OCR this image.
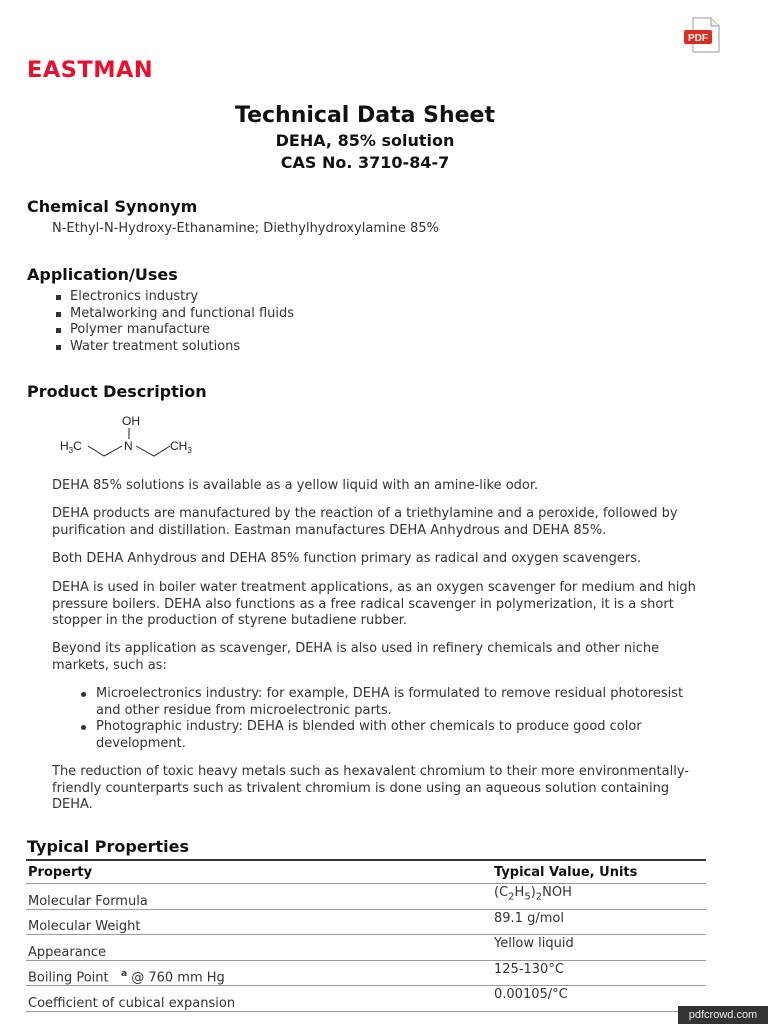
EASTMAN
PDF
Technical Data Sheet
DEHA, 85% solution
CAS No. 3710-84-7
Chemical Synonym

N-Ethyl-N-Hydroxy-Ethanamine; Diethylhydroxylamine 85%

Application/Uses
Electronics industry
Metalworking and functional fluids
Polymer manufacture
Water treatment solutions
Product Description
OH
N
$H_3C$	$CH_3$

DEHA 85% solutions is available as a yellow liquid with an amine-like odor.

DEHA products are manufactured by the reaction of a triethylamine and a peroxide, followed by purification and distillation. Eastman manufactures DEHA Anhydrous and DEHA 85%.

Both DEHA Anhydrous and DEHA 85% function primary as radical and oxygen scavengers.

DEHA is used in boiler water treatment applications, as an oxygen scavenger for medium and high pressure boilers. DEHA also functions as a free radical scavenger in polymerization, it is a short stopper in the production of styrene butadiene rubber.

Beyond its application as scavenger, DEHA is also used in refinery chemicals and other niche markets, such as:

Microelectronics industry: for example, DEHA is formulated to remove residual photoresist and other residue from microelectronic parts.
Photographic industry: DEHA is blended with other chemicals to produce good color development.

The reduction of toxic heavy metals such as hexavalent chromium to their more environmentally-friendly counterparts such as trivalent chromium is done using an aqueous solution containing DEHA.

Typical Properties
Property	Typical Value, Units
Molecular Formula	$(C_2H_5)_2NOH$
Molecular Weight	89.1 g/mol
Appearance	Yellow liquid
Boiling Point $^a$ @ 760 mm Hg	125-130°C
Coefficient of cubical expansion	0.00105/°C
pdfcrowd.com
